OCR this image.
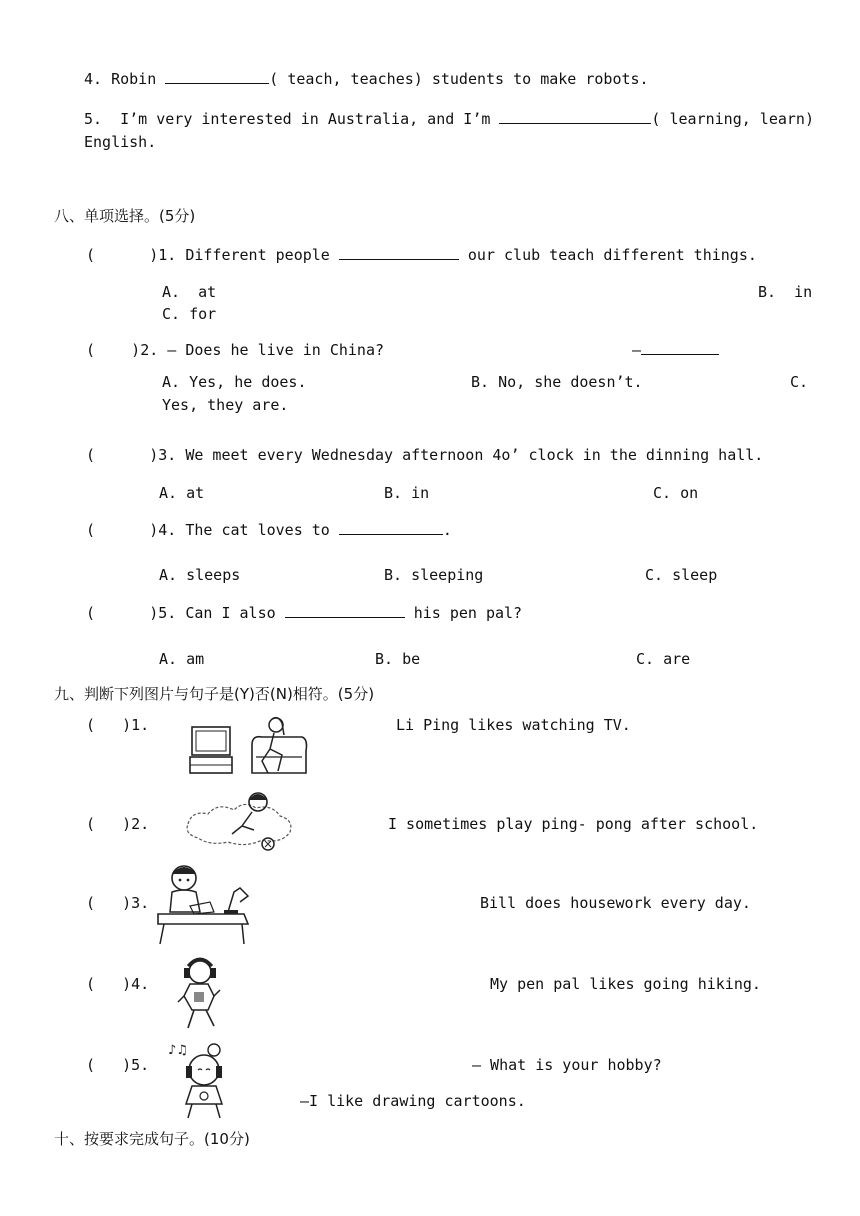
4. Robin	( teach, teaches) students to make robots.
5. I’m very interested in Australia, and I’m	( learning, learn)
English.
八、单项选择。(5分)
(	)1. Different people	our club teach different things.
A.  at	B.  in
C. for
( )2. — Does he live in China?	—
A. Yes, he does.	B. No, she doesn’t.	C.
Yes, they are.
(	)3. We meet every Wednesday afternoon 4o’ clock in the dinning hall.
A. at	B. in	C. on
(	)4. The cat loves to	.
A. sleeps	B. sleeping	C. sleep
(	)5. Can I also	his pen pal?
A. am	B. be	C. are
九、判断下列图片与句子是(Y)否(N)相符。(5分)
(   )1.	Li Ping likes watching TV.
(   )2.	I sometimes play ping- pong after school.
(   )3.	Bill does housework every day.
(   )4.	My pen pal likes going hiking.
(   )5.
♪♫
— What is your hobby?
—I like drawing cartoons.
十、按要求完成句子。(10分)
